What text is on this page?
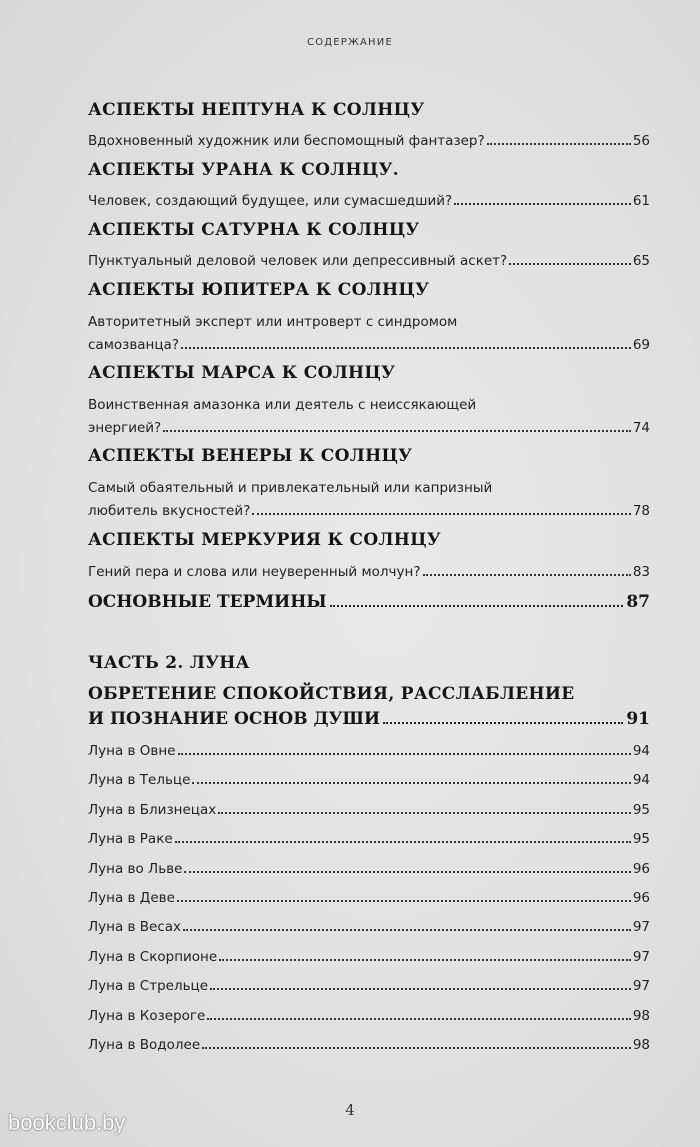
СОДЕРЖАНИЕ
АСПЕКТЫ НЕПТУНА К СОЛНЦУ
Вдохновенный художник или беспомощный фантазер?	56
АСПЕКТЫ УРАНА К СОЛНЦУ.
Человек, создающий будущее, или сумасшедший?	61
АСПЕКТЫ САТУРНА К СОЛНЦУ
Пунктуальный деловой человек или депрессивный аскет?	65
АСПЕКТЫ ЮПИТЕРА К СОЛНЦУ
Авторитетный эксперт или интроверт с синдромом
самозванца?	69
АСПЕКТЫ МАРСА К СОЛНЦУ
Воинственная амазонка или деятель с неиссякающей
энергией?	74
АСПЕКТЫ ВЕНЕРЫ К СОЛНЦУ
Самый обаятельный и привлекательный или капризный
любитель вкусностей?	78
АСПЕКТЫ МЕРКУРИЯ К СОЛНЦУ
Гений пера и слова или неуверенный молчун?	83
ОСНОВНЫЕ ТЕРМИНЫ	87
ЧАСТЬ 2. ЛУНА
ОБРЕТЕНИЕ СПОКОЙСТВИЯ, РАССЛАБЛЕНИЕ
И ПОЗНАНИЕ ОСНОВ ДУШИ	91
Луна в Овне	94
Луна в Тельце	94
Луна в Близнецах	95
Луна в Раке	95
Луна во Льве	96
Луна в Деве	96
Луна в Весах	97
Луна в Скорпионе	97
Луна в Стрельце	97
Луна в Козероге	98
Луна в Водолее	98
4
bookclub.by
